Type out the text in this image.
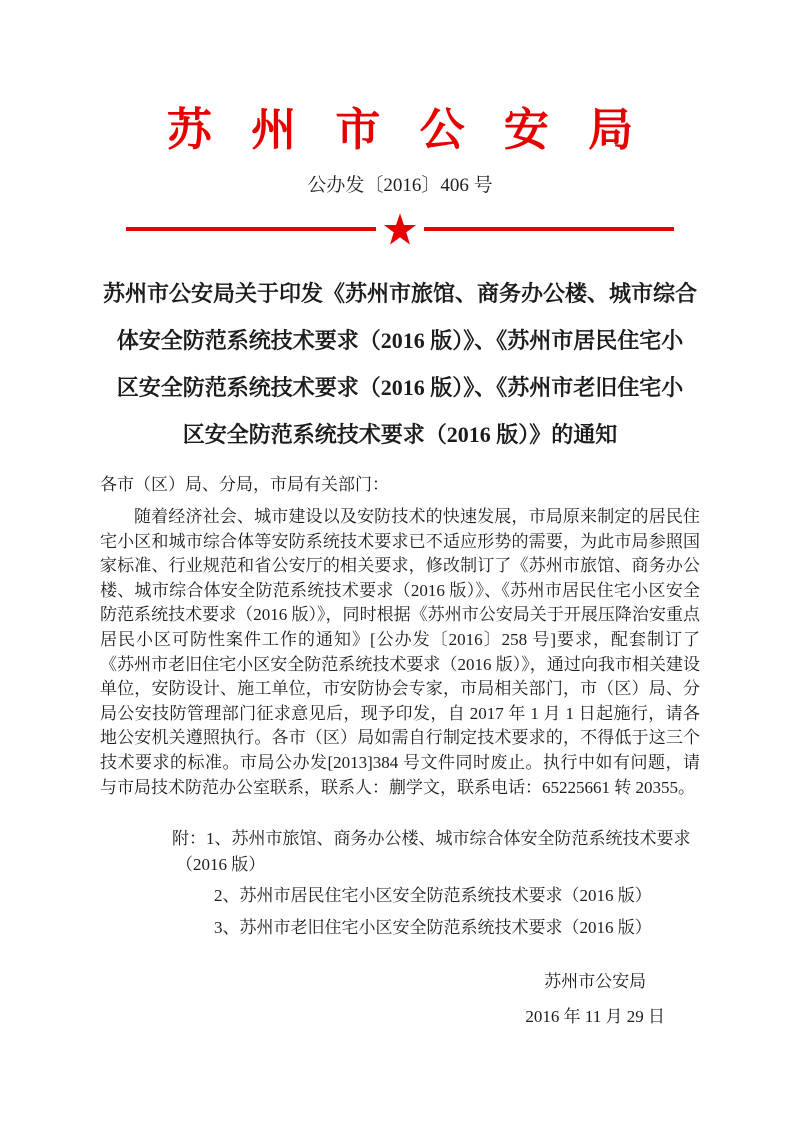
苏 州 市 公 安 局
公办发〔2016〕406 号
苏州市公安局关于印发《苏州市旅馆、商务办公楼、城市综合
体安全防范系统技术要求（2016 版）》、《苏州市居民住宅小
区安全防范系统技术要求（2016 版）》、《苏州市老旧住宅小
区安全防范系统技术要求（2016 版）》的通知
各市（区）局、分局，市局有关部门：
随着经济社会、城市建设以及安防技术的快速发展，市局原来制定的居民住宅小区和城市综合体等安防系统技术要求已不适应形势的需要，为此市局参照国家标准、行业规范和省公安厅的相关要求，修改制订了《苏州市旅馆、商务办公楼、城市综合体安全防范系统技术要求（2016 版）》、《苏州市居民住宅小区安全防范系统技术要求（2016 版）》，同时根据《苏州市公安局关于开展压降治安重点居民小区可防性案件工作的通知》[公办发〔2016〕258 号]要求，配套制订了《苏州市老旧住宅小区安全防范系统技术要求（2016 版）》，通过向我市相关建设单位，安防设计、施工单位，市安防协会专家，市局相关部门，市（区）局、分局公安技防管理部门征求意见后，现予印发，自 2017 年 1 月 1 日起施行，请各地公安机关遵照执行。各市（区）局如需自行制定技术要求的，不得低于这三个技术要求的标准。市局公办发[2013]384 号文件同时废止。执行中如有问题，请与市局技术防范办公室联系，联系人：蒯学文，联系电话：65225661 转 20355。
附：1、苏州市旅馆、商务办公楼、城市综合体安全防范系统技术要求
（2016 版）
2、苏州市居民住宅小区安全防范系统技术要求（2016 版）
3、苏州市老旧住宅小区安全防范系统技术要求（2016 版）
苏州市公安局
2016 年 11 月 29 日
